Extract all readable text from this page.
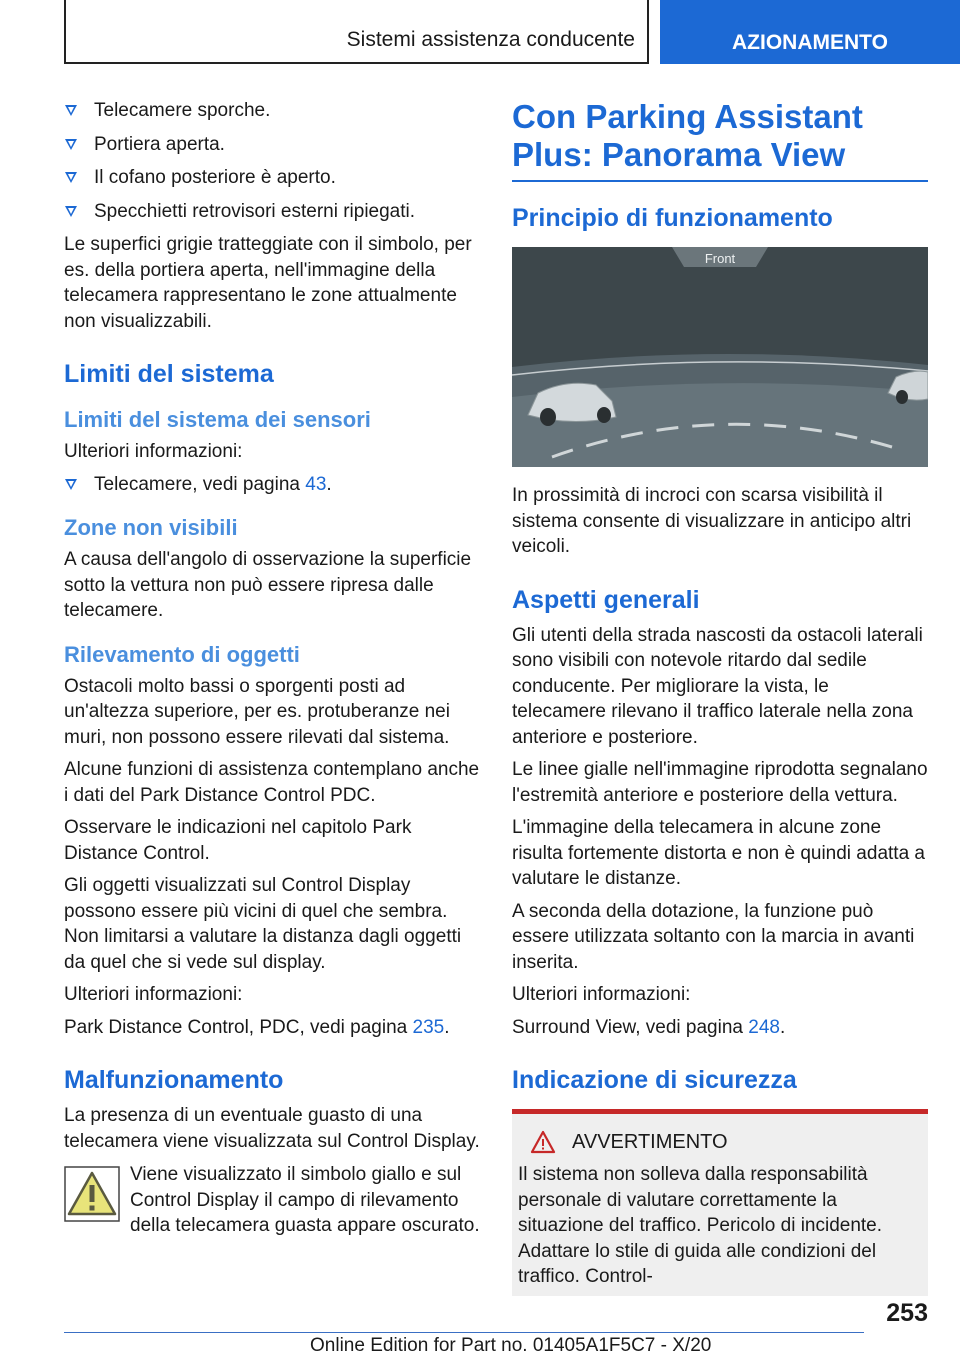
Sistemi assistenza conducente	AZIONAMENTO
Telecamere sporche.
Portiera aperta.
Il cofano posteriore è aperto.
Specchietti retrovisori esterni ripiegati.

Le superfici grigie tratteggiate con il simbolo, per es. della portiera aperta, nell'immagine della telecamera rappresentano le zone attualmente non visualizzabili.

Limiti del sistema
Limiti del sistema dei sensori

Ulteriori informazioni:

Telecamere, vedi pagina 43.
Zone non visibili

A causa dell'angolo di osservazione la superficie sotto la vettura non può essere ripresa dalle telecamere.

Rilevamento di oggetti

Ostacoli molto bassi o sporgenti posti ad un'altezza superiore, per es. protuberanze nei muri, non possono essere rilevati dal sistema.

Alcune funzioni di assistenza contemplano anche i dati del Park Distance Control PDC.

Osservare le indicazioni nel capitolo Park Distance Control.

Gli oggetti visualizzati sul Control Display possono essere più vicini di quel che sembra. Non limitarsi a valutare la distanza dagli oggetti da quel che si vede sul display.

Ulteriori informazioni:

Park Distance Control, PDC, vedi pagina 235.

Malfunzionamento

La presenza di un eventuale guasto di una telecamera viene visualizzata sul Control Display.

Viene visualizzato il simbolo giallo e sul Control Display il campo di rilevamento della telecamera guasta appare oscurato.

Con Parking Assistant Plus: Panorama View
Principio di funzionamento
Front

In prossimità di incroci con scarsa visibilità il sistema consente di visualizzare in anticipo altri veicoli.

Aspetti generali

Gli utenti della strada nascosti da ostacoli laterali sono visibili con notevole ritardo dal sedile conducente. Per migliorare la vista, le telecamere rilevano il traffico laterale nella zona anteriore e posteriore.

Le linee gialle nell'immagine riprodotta segnalano l'estremità anteriore e posteriore della vettura.

L'immagine della telecamera in alcune zone risulta fortemente distorta e non è quindi adatta a valutare le distanze.

A seconda della dotazione, la funzione può essere utilizzata soltanto con la marcia in avanti inserita.

Ulteriori informazioni:

Surround View, vedi pagina 248.

Indicazione di sicurezza
AVVERTIMENTO

Il sistema non solleva dalla responsabilità personale di valutare correttamente la situazione del traffico. Pericolo di incidente. Adattare lo stile di guida alle condizioni del traffico. Control-

253
Online Edition for Part no. 01405A1F5C7 - X/20
